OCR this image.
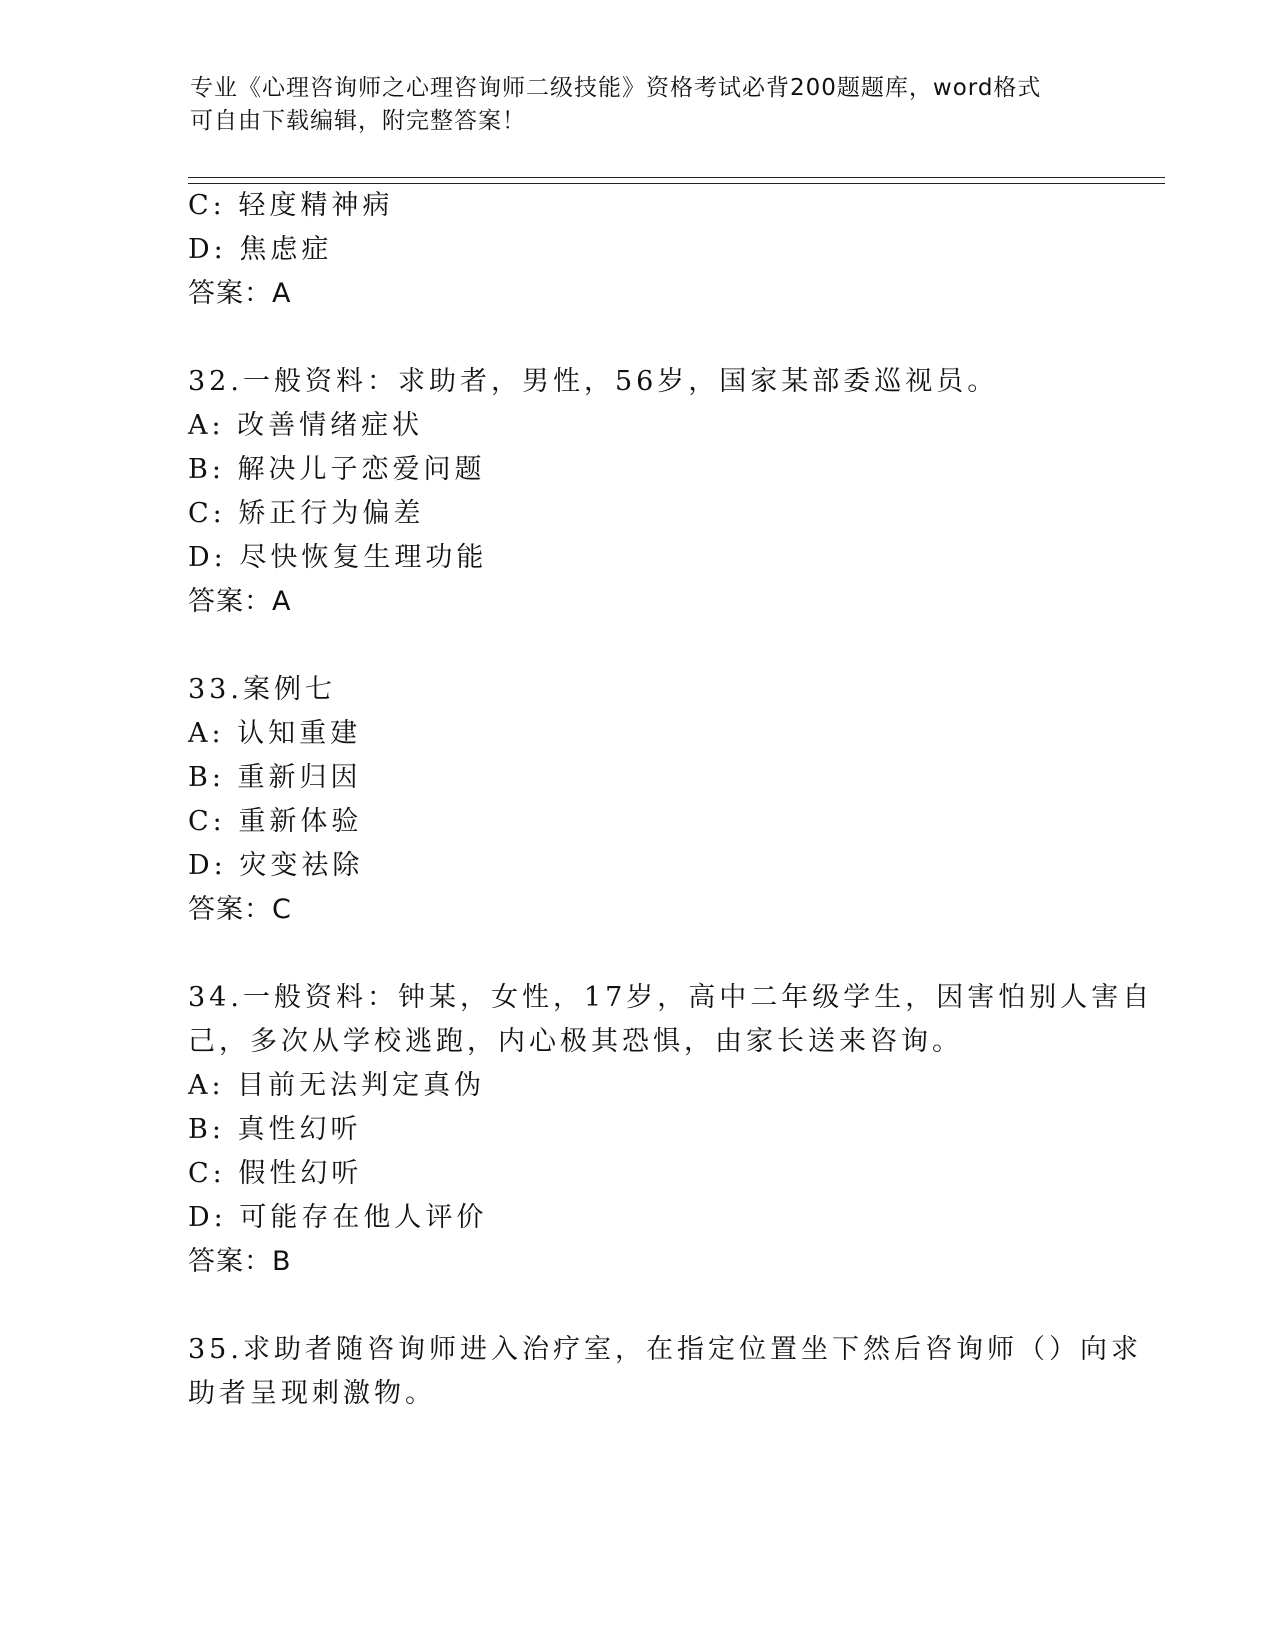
专业《心理咨询师之心理咨询师二级技能》资格考试必背200题题库，word格式
可自由下载编辑，附完整答案！
C: 轻度精神病
D: 焦虑症
答案：A
32.一般资料：求助者，男性，56岁，国家某部委巡视员。
A: 改善情绪症状
B: 解决儿子恋爱问题
C: 矫正行为偏差
D: 尽快恢复生理功能
答案：A
33.案例七
A: 认知重建
B: 重新归因
C: 重新体验
D: 灾变祛除
答案：C
34.一般资料：钟某，女性，17岁，高中二年级学生，因害怕别人害自
己，多次从学校逃跑，内心极其恐惧，由家长送来咨询。
A: 目前无法判定真伪
B: 真性幻听
C: 假性幻听
D: 可能存在他人评价
答案：B
35.求助者随咨询师进入治疗室，在指定位置坐下然后咨询师（）向求
助者呈现刺激物。
